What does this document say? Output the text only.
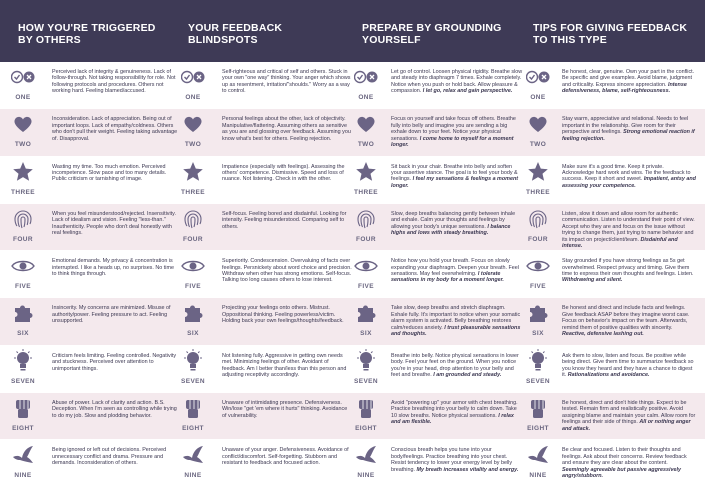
HOW YOU'RE TRIGGERED BY OTHERS
YOUR FEEDBACK BLINDSPOTS
PREPARE BY GROUNDING YOURSELF
TIPS FOR GIVING FEEDBACK TO THIS TYPE
ONE
Perceived lack of integrity & genuineness. Lack of follow-through. Not taking responsibility for role. Not following protocols and procedures. Others not working hard. Feeling blamed/accused.
ONE
Self-righteous and critical of self and others. Stuck in your own "one way" thinking. Your anger which shows up as resentment, irritation/"shoulds." Worry as a way to control.
ONE
Let go of control. Loosen physical rigidity. Breathe slow and steady into diaphragm 7 times. Exhale completely. Notice when you push or hold back. Allow pleasure & compassion. I let go, relax and gain perspective.
ONE
Be honest, clear, genuine. Own your part in the conflict. Be specific and give examples. Avoid blame, judgment and criticality. Express sincere appreciation. Intense defensiveness, blame, self-righteousness.
TWO
Inconsideration. Lack of appreciation. Being out of important loops. Lack of empathy/coldness. Others who don't pull their weight. Feeling taking advantage of. Disapproval.
TWO
Personal feelings about the other, lack of objectivity. Manipulative/flattering. Assuming others as sensitive as you are and glossing over feedback. Assuming you know what's best for others. Feeling rejection.
TWO
Focus on yourself and take focus off others. Breathe fully into belly and imagine you are sending a big exhale down to your feet. Notice your physical sensations. I come home to myself for a moment longer.	TWO
Stay warm, appreciative and relational. Needs to feel important in the relationship. Give room for their perspective and feelings. Strong emotional reaction if feeling rejection.
THREE
Wasting my time. Too much emotion. Perceived incompetence. Slow pace and too many details. Public criticism or tarnishing of image.
THREE
Impatience (especially with feelings). Assessing the others' competence. Dismissive. Speed and loss of nuance. Not listening. Check in with the other.
THREE
Sit back in your chair. Breathe into belly and soften your assertive stance. The goal is to feel your body & feelings. I feel my sensations & feelings a moment longer.
THREE
Make sure it's a good time. Keep it private. Acknowledge hard work and wins. Tie the feedback to success. Keep it short and sweet. Impatient, antsy and assessing your competence.
FOUR
When you feel misunderstood/rejected. Insensitivity. Lack of idealism and vision. Feeling "less-than." Inauthenticity. People who don't deal honestly with real feelings.
FOUR
Self-focus. Feeling bored and disdainful. Looking for intensity. Feeling misunderstood. Comparing self to others.
FOUR
Slow, deep breaths balancing gently between inhale and exhale. Calm your thoughts and feelings by allowing your body's unique sensations. I balance highs and lows with steady breathing.
FOUR
Listen, slow it down and allow room for authentic communication. Listen to understand their point of view. Accept who they are and focus on the issue without trying to change them, just trying to name behavior and its impact on project/client/team. Disdainful and intense.
FIVE
Emotional demands. My privacy & concentration is interrupted. I like a heads up, no surprises. No time to think things through.
FIVE
Superiority. Condescension. Overvaluing of facts over feelings. Persnickety about word choice and precision. Withdraw when other has strong emotions. Self-focus. Talking too long causes others to lose interest.
FIVE
Notice how you hold your breath. Focus on slowly expanding your diaphragm. Deepen your breath. Feel sensations. May feel overwhelming. I tolerate sensations in my body for a moment longer.
FIVE
Stay grounded if you have strong feelings as 5s get overwhelmed. Respect privacy and timing. Give them time to express their own thoughts and feelings. Listen. Withdrawing and silent.
SIX
Insincerity. My concerns are minimized. Misuse of authority/power. Feeling pressure to act. Feeling unsupported.
SIX
Projecting your feelings onto others. Mistrust. Oppositional thinking. Feeling powerless/victim. Holding back your own feelings/thoughts/feedback.
SIX
Take slow, deep breaths and stretch diaphragm. Exhale fully. It's important to notice when your somatic alarm system is activated. Belly breathing restores calm/reduces anxiety. I trust pleasurable sensations and thoughts.	SIX
Be honest and direct and include facts and feelings. Give feedback ASAP before they imagine worst case. Focus on behavior's impact on the team. Afterwards, remind them of positive qualities with sincerity. Reactive, defensive lashing out.
SEVEN
Criticism feels limiting. Feeling controlled. Negativity and stuckness. Perceived over attention to unimportant things.
SEVEN
Not listening fully. Aggressive in getting own needs met. Minimizing feelings of other. Avoidant of feedback. Am I better than/less than this person and adjusting receptivity accordingly.
SEVEN
Breathe into belly. Notice physical sensations in lower body. Feel your feet on the ground. When you notice you're in your head, drop attention to your belly and feet and breathe. I am grounded and steady.
SEVEN
Ask them to slow, listen and focus. Be positive while being direct. Give them time to summarize feedback so you know they heard and they have a chance to digest it. Rationalizations and avoidance.
EIGHT
Abuse of power. Lack of clarity and action. B.S. Deception. When I'm seen as controlling while trying to do my job. Slow and plodding behavior.
EIGHT
Unaware of intimidating presence. Defensiveness. Win/lose "get 'em where it hurts" thinking. Avoidance of vulnerability.
EIGHT
Avoid "powering up" your armor with chest breathing. Practice breathing into your belly to calm down. Take 10 slow breaths. Notice physical sensations. I relax and am flexible.
EIGHT
Be honest, direct and don't hide things. Expect to be tested. Remain firm and realistically positive. Avoid assigning blame and maintain your calm. Allow room for feelings and their side of things. All or nothing anger and attack.
NINE
Being ignored or left out of decisions. Perceived unnecessary conflict and drama. Pressure and demands. Inconsideration of others.
NINE
Unaware of your anger. Defensiveness. Avoidance of conflict/discomfort. Self-forgetting. Stubborn and resistant to feedback and focused action.
NINE
Conscious breath helps you tune into your body/feelings. Practice breathing into your chest. Resist tendency to lower your energy level by belly breathing. My breath increases vitality and energy.
NINE
Be clear and focused. Listen to their thoughts and feelings. Ask about their concerns. Review feedback and ensure they are clear about the content. Seemingly agreeable but passive aggressively angry/stubborn.
